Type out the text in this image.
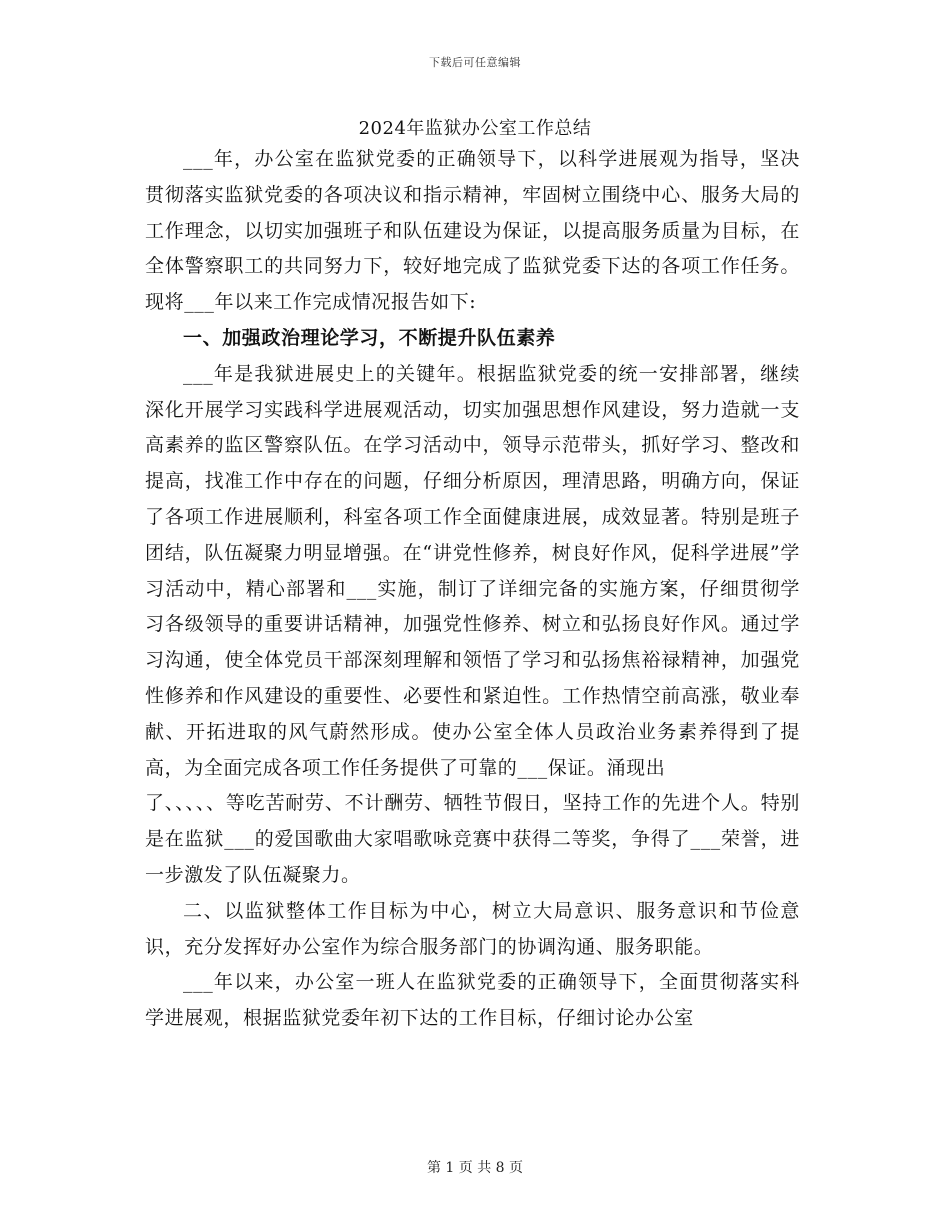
下载后可任意编辑
2024年监狱办公室工作总结

___年，办公室在监狱党委的正确领导下，以科学进展观为指导，坚决贯彻落实监狱党委的各项决议和指示精神，牢固树立围绕中心、服务大局的工作理念，以切实加强班子和队伍建设为保证，以提高服务质量为目标，在全体警察职工的共同努力下，较好地完成了监狱党委下达的各项工作任务。现将___年以来工作完成情况报告如下:

一、加强政治理论学习，不断提升队伍素养

___年是我狱进展史上的关键年。根据监狱党委的统一安排部署，继续深化开展学习实践科学进展观活动，切实加强思想作风建设，努力造就一支高素养的监区警察队伍。在学习活动中，领导示范带头，抓好学习、整改和提高，找准工作中存在的问题，仔细分析原因，理清思路，明确方向，保证了各项工作进展顺利，科室各项工作全面健康进展，成效显著。特别是班子团结，队伍凝聚力明显增强。在“讲党性修养，树良好作风，促科学进展”学习活动中，精心部署和___实施，制订了详细完备的实施方案，仔细贯彻学习各级领导的重要讲话精神，加强党性修养、树立和弘扬良好作风。通过学习沟通，使全体党员干部深刻理解和领悟了学习和弘扬焦裕禄精神，加强党性修养和作风建设的重要性、必要性和紧迫性。工作热情空前高涨，敬业奉献、开拓进取的风气蔚然形成。使办公室全体人员政治业务素养得到了提高，为全面完成各项工作任务提供了可靠的___保证。涌现出

了、、、、、等吃苦耐劳、不计酬劳、牺牲节假日，坚持工作的先进个人。特别是在监狱___的爱国歌曲大家唱歌咏竞赛中获得二等奖，争得了___荣誉，进一步激发了队伍凝聚力。

二、以监狱整体工作目标为中心，树立大局意识、服务意识和节俭意识，充分发挥好办公室作为综合服务部门的协调沟通、服务职能。

___年以来，办公室一班人在监狱党委的正确领导下，全面贯彻落实科学进展观，根据监狱党委年初下达的工作目标，仔细讨论办公室

第 1 页 共 8 页
